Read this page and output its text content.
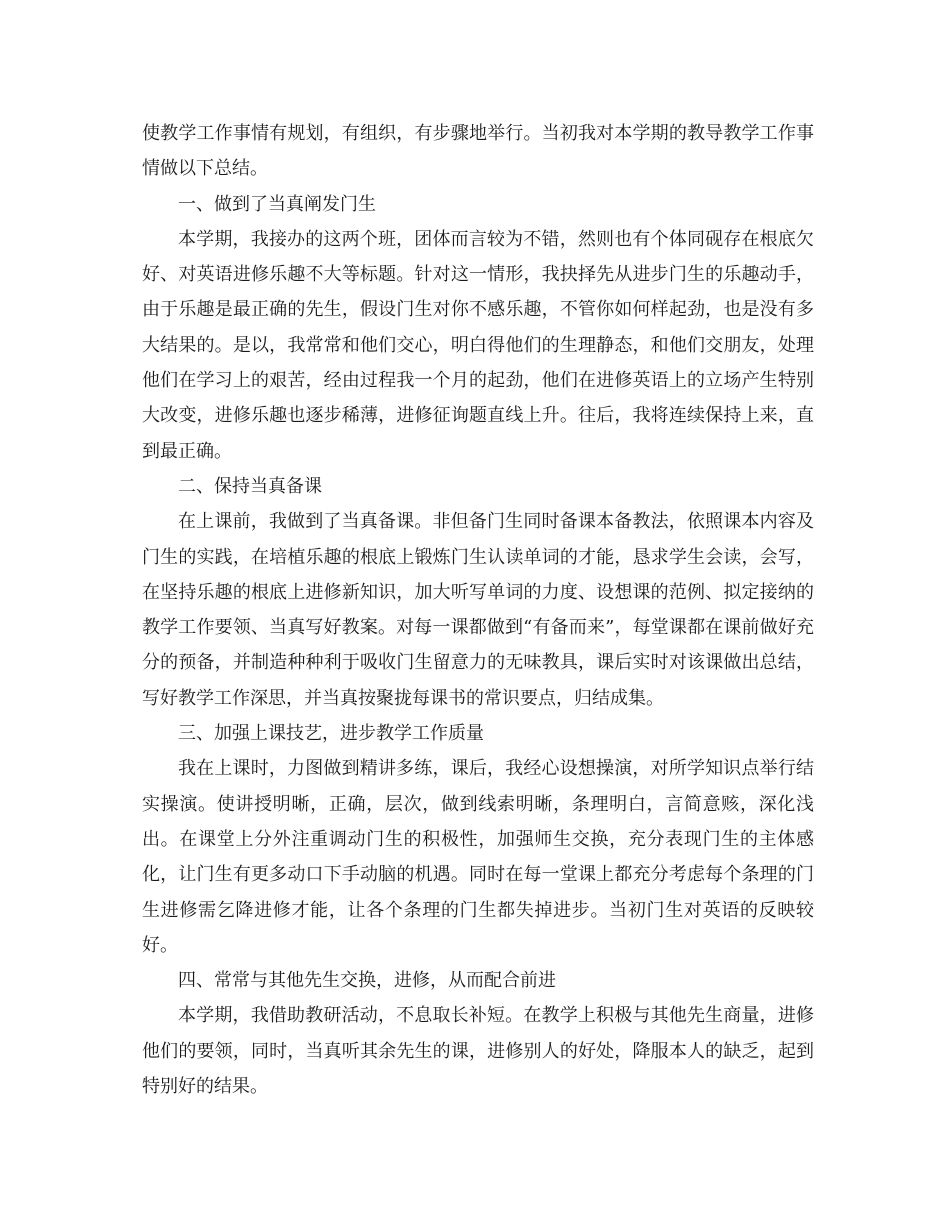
使教学工作事情有规划，有组织，有步骤地举行。当初我对本学期的教导教学工作事情做以下总结。

一、做到了当真阐发门生

本学期，我接办的这两个班，团体而言较为不错，然则也有个体同砚存在根底欠好、对英语进修乐趣不大等标题。针对这一情形，我抉择先从进步门生的乐趣动手，由于乐趣是最正确的先生，假设门生对你不感乐趣，不管你如何样起劲，也是没有多大结果的。是以，我常常和他们交心，明白得他们的生理静态，和他们交朋友，处理他们在学习上的艰苦，经由过程我一个月的起劲，他们在进修英语上的立场产生特别大改变，进修乐趣也逐步稀薄，进修征询题直线上升。往后，我将连续保持上来，直到最正确。

二、保持当真备课

在上课前，我做到了当真备课。非但备门生同时备课本备教法，依照课本内容及门生的实践，在培植乐趣的根底上锻炼门生认读单词的才能，恳求学生会读，会写，在坚持乐趣的根底上进修新知识，加大听写单词的力度、设想课的范例、拟定接纳的教学工作要领、当真写好教案。对每一课都做到“有备而来”，每堂课都在课前做好充分的预备，并制造种种利于吸收门生留意力的无味教具，课后实时对该课做出总结，写好教学工作深思，并当真按聚拢每课书的常识要点，归结成集。

三、加强上课技艺，进步教学工作质量

我在上课时，力图做到精讲多练，课后，我经心设想操演，对所学知识点举行结实操演。使讲授明晰，正确，层次，做到线索明晰，条理明白，言简意赅，深化浅出。在课堂上分外注重调动门生的积极性，加强师生交换，充分表现门生的主体感化，让门生有更多动口下手动脑的机遇。同时在每一堂课上都充分考虑每个条理的门生进修需乞降进修才能，让各个条理的门生都失掉进步。当初门生对英语的反映较好。

四、常常与其他先生交换，进修，从而配合前进

本学期，我借助教研活动，不息取长补短。在教学上积极与其他先生商量，进修他们的要领，同时，当真听其余先生的课，进修别人的好处，降服本人的缺乏，起到特别好的结果。
